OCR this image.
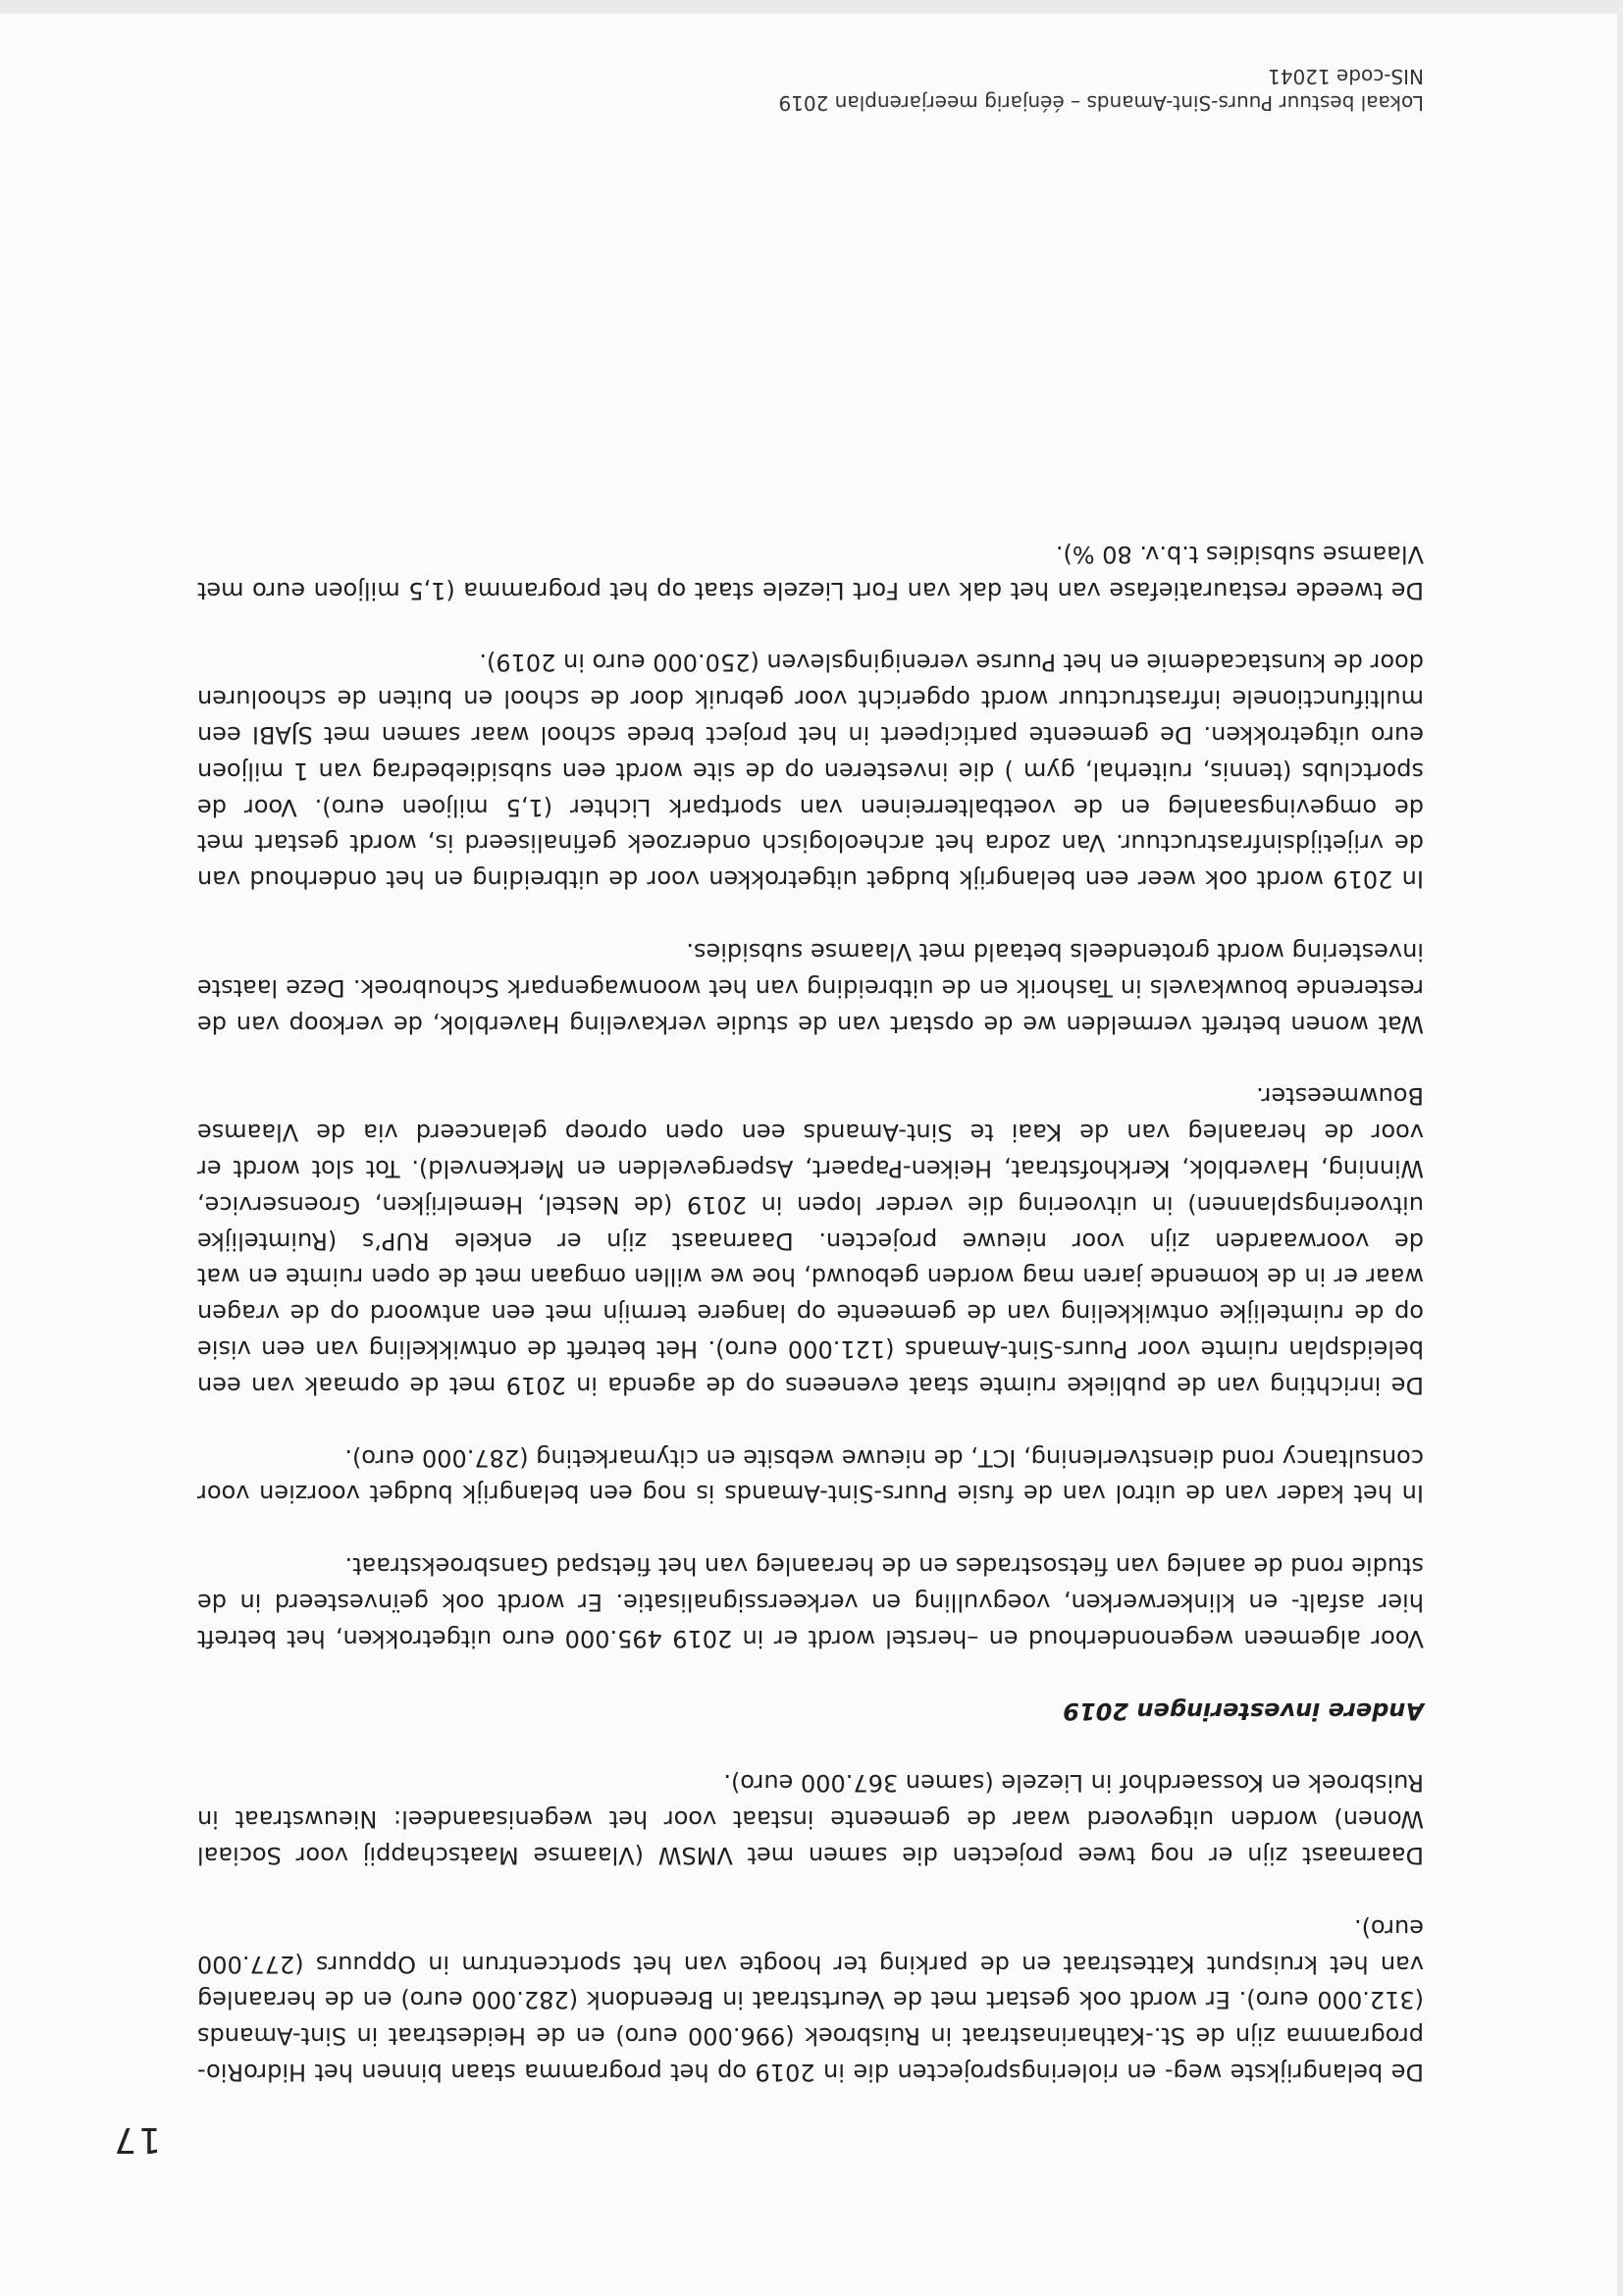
Lokaal bestuur Puurs-Sint-Amands – éénjarig meerjarenplan 2019
NIS-code 12041
17

De belangrijkste weg- en rioleringsprojecten die in 2019 op het programma staan binnen het HidroRio-programma zijn de St.-Katharinastraat in Ruisbroek (996.000 euro) en de Heidestraat in Sint-Amands (312.000 euro). Er wordt ook gestart met de Veurtstraat in Breendonk (282.000 euro) en de heraanleg van het kruispunt Kattestraat en de parking ter hoogte van het sportcentrum in Oppuurs (277.000 euro).

Daarnaast zijn er nog twee projecten die samen met VMSW (Vlaamse Maatschappij voor Sociaal Wonen) worden uitgevoerd waar de gemeente instaat voor het wegenisaandeel: Nieuwstraat in Ruisbroek en Kossaerdhof in Liezele (samen 367.000 euro).

Andere investeringen 2019

Voor algemeen wegenonderhoud en –herstel wordt er in 2019 495.000 euro uitgetrokken, het betreft hier asfalt- en klinkerwerken, voegvulling en verkeerssignalisatie. Er wordt ook geïnvesteerd in de studie rond de aanleg van fietsostrades en de heraanleg van het fietspad Gansbroekstraat.

In het kader van de uitrol van de fusie Puurs-Sint-Amands is nog een belangrijk budget voorzien voor consultancy rond dienstverlening, ICT, de nieuwe website en citymarketing (287.000 euro).

De inrichting van de publieke ruimte staat eveneens op de agenda in 2019 met de opmaak van een beleidsplan ruimte voor Puurs-Sint-Amands (121.000 euro). Het betreft de ontwikkeling van een visie op de ruimtelijke ontwikkeling van de gemeente op langere termijn met een antwoord op de vragen waar er in de komende jaren mag worden gebouwd, hoe we willen omgaan met de open ruimte en wat de voorwaarden zijn voor nieuwe projecten. Daarnaast zijn er enkele RUP’s (Ruimtelijke uitvoeringsplannen) in uitvoering die verder lopen in 2019 (de Nestel, Hemelrijken, Groenservice, Winning, Haverblok, Kerkhofstraat, Heiken-Papaert, Aspergevelden en Merkenveld). Tot slot wordt er voor de heraanleg van de Kaai te Sint-Amands een open oproep gelanceerd via de Vlaamse Bouwmeester.

Wat wonen betreft vermelden we de opstart van de studie verkaveling Haverblok, de verkoop van de resterende bouwkavels in Tashorik en de uitbreiding van het woonwagenpark Schoubroek. Deze laatste investering wordt grotendeels betaald met Vlaamse subsidies.

In 2019 wordt ook weer een belangrijk budget uitgetrokken voor de uitbreiding en het onderhoud van de vrijetijdsinfrastructuur. Van zodra het archeologisch onderzoek gefinaliseerd is, wordt gestart met de omgevingsaanleg en de voetbalterreinen van sportpark Lichter (1,5 miljoen euro). Voor de sportclubs (tennis, ruiterhal, gym ) die investeren op de site wordt een subsidiebedrag van 1 miljoen euro uitgetrokken. De gemeente participeert in het project brede school waar samen met SJABI een multifunctionele infrastructuur wordt opgericht voor gebruik door de school en buiten de schooluren door de kunstacademie en het Puurse verenigingsleven (250.000 euro in 2019).

De tweede restauratiefase van het dak van Fort Liezele staat op het programma (1,5 miljoen euro met Vlaamse subsidies t.b.v. 80 %).
